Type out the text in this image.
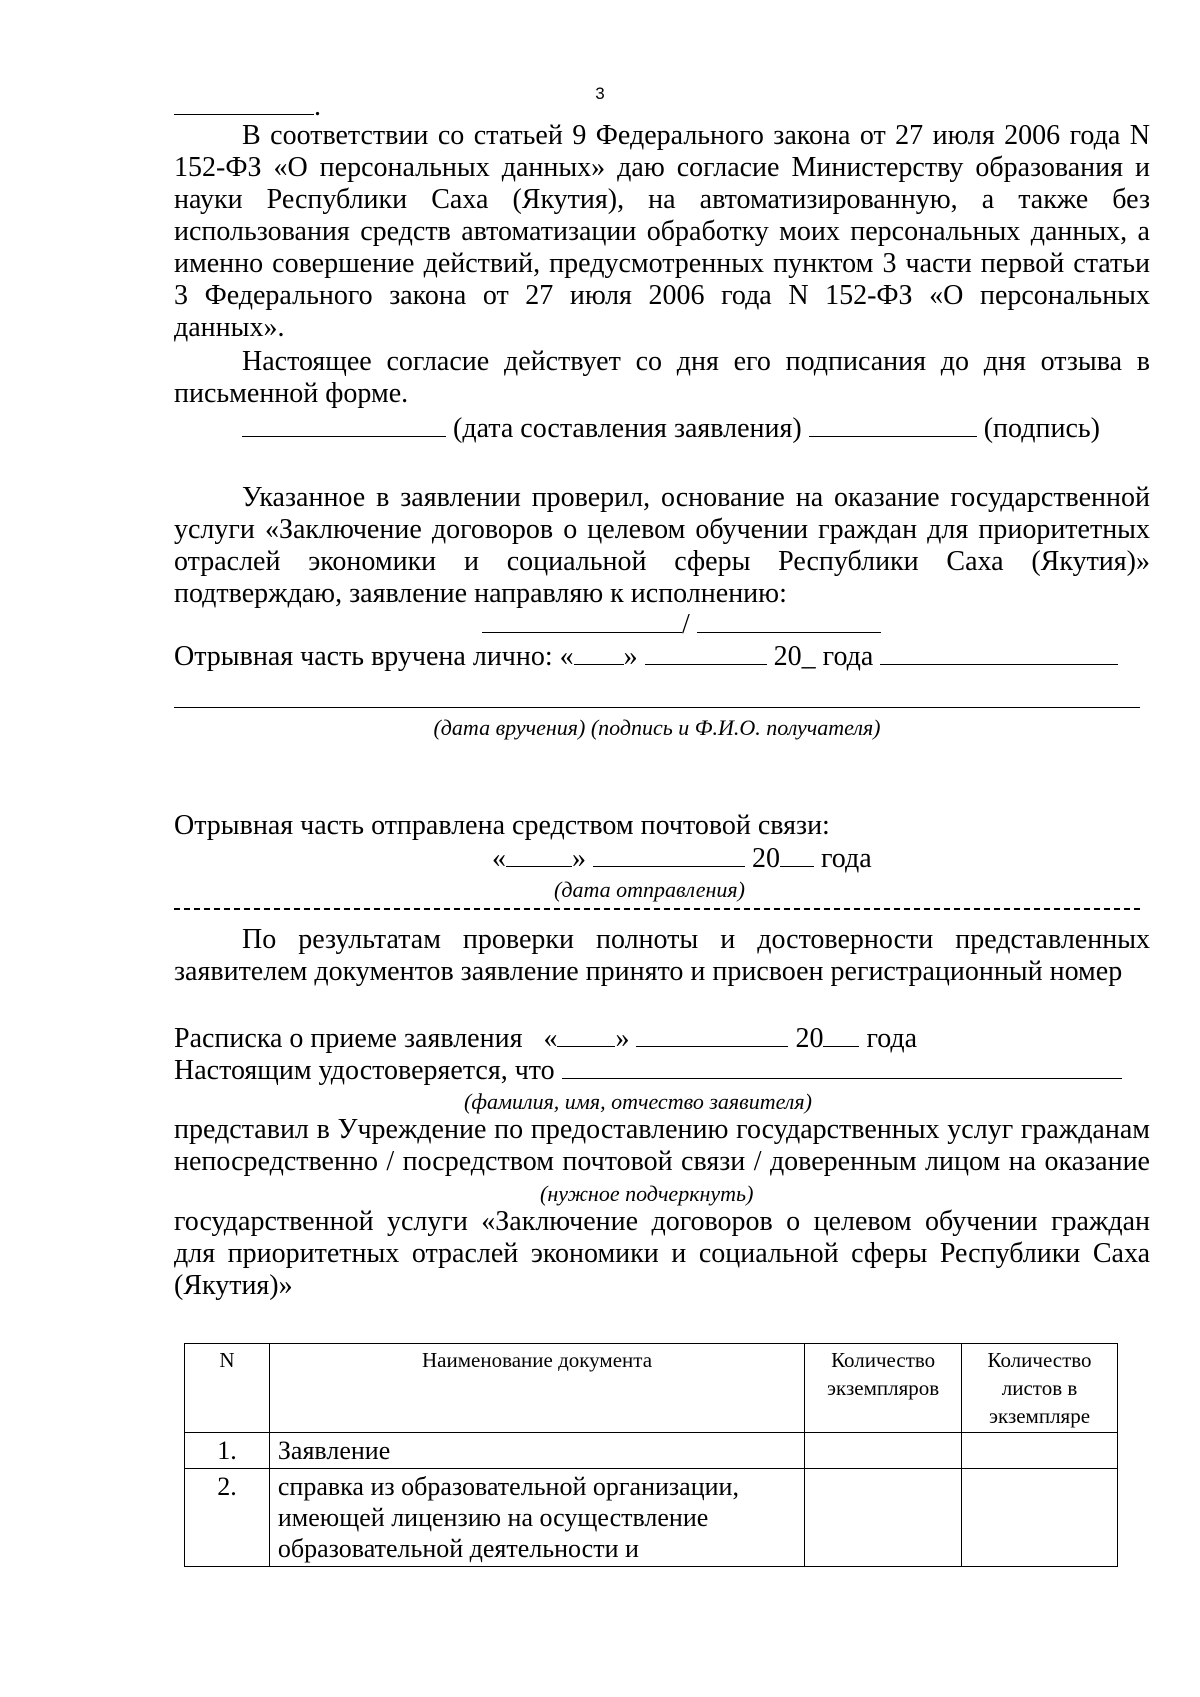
3
.
В соответствии со статьей 9 Федерального закона от 27 июля 2006 года N
152-ФЗ «О персональных данных» даю согласие Министерству образования и
науки Республики Саха (Якутия), на автоматизированную, а также без
использования средств автоматизации обработку моих персональных данных, а
именно совершение действий, предусмотренных пунктом 3 части первой статьи
3 Федерального закона от 27 июля 2006 года N 152-ФЗ «О персональных
данных».
Настоящее согласие действует со дня его подписания до дня отзыва в
письменной форме.
(дата составления заявления)	(подпись)
Указанное в заявлении проверил, основание на оказание государственной
услуги «Заключение договоров о целевом обучении граждан для приоритетных
отраслей экономики и социальной сферы Республики Саха (Якутия)»
подтверждаю, заявление направляю к исполнению:
/
Отрывная часть вручена лично: « »	20_ года
(дата вручения) (подпись и Ф.И.О. получателя)
Отрывная часть отправлена средством почтовой связи:
« »	20 года
(дата отправления)
По результатам проверки полноты и достоверности представленных
заявителем документов заявление принято и присвоен регистрационный номер
Расписка о приеме заявления « »	20 года
Настоящим удостоверяется, что
(фамилия, имя, отчество заявителя)
представил в Учреждение по предоставлению государственных услуг гражданам
непосредственно / посредством почтовой связи / доверенным лицом на оказание
(нужное подчеркнуть)
государственной услуги «Заключение договоров о целевом обучении граждан
для приоритетных отраслей экономики и социальной сферы Республики Саха
(Якутия)»
N	Наименование документа	Количество экземпляров	Количество листов в экземпляре
1.	Заявление		
2.	справка из образовательной организации,
имеющей лицензию на осуществление
образовательной деятельности и		
